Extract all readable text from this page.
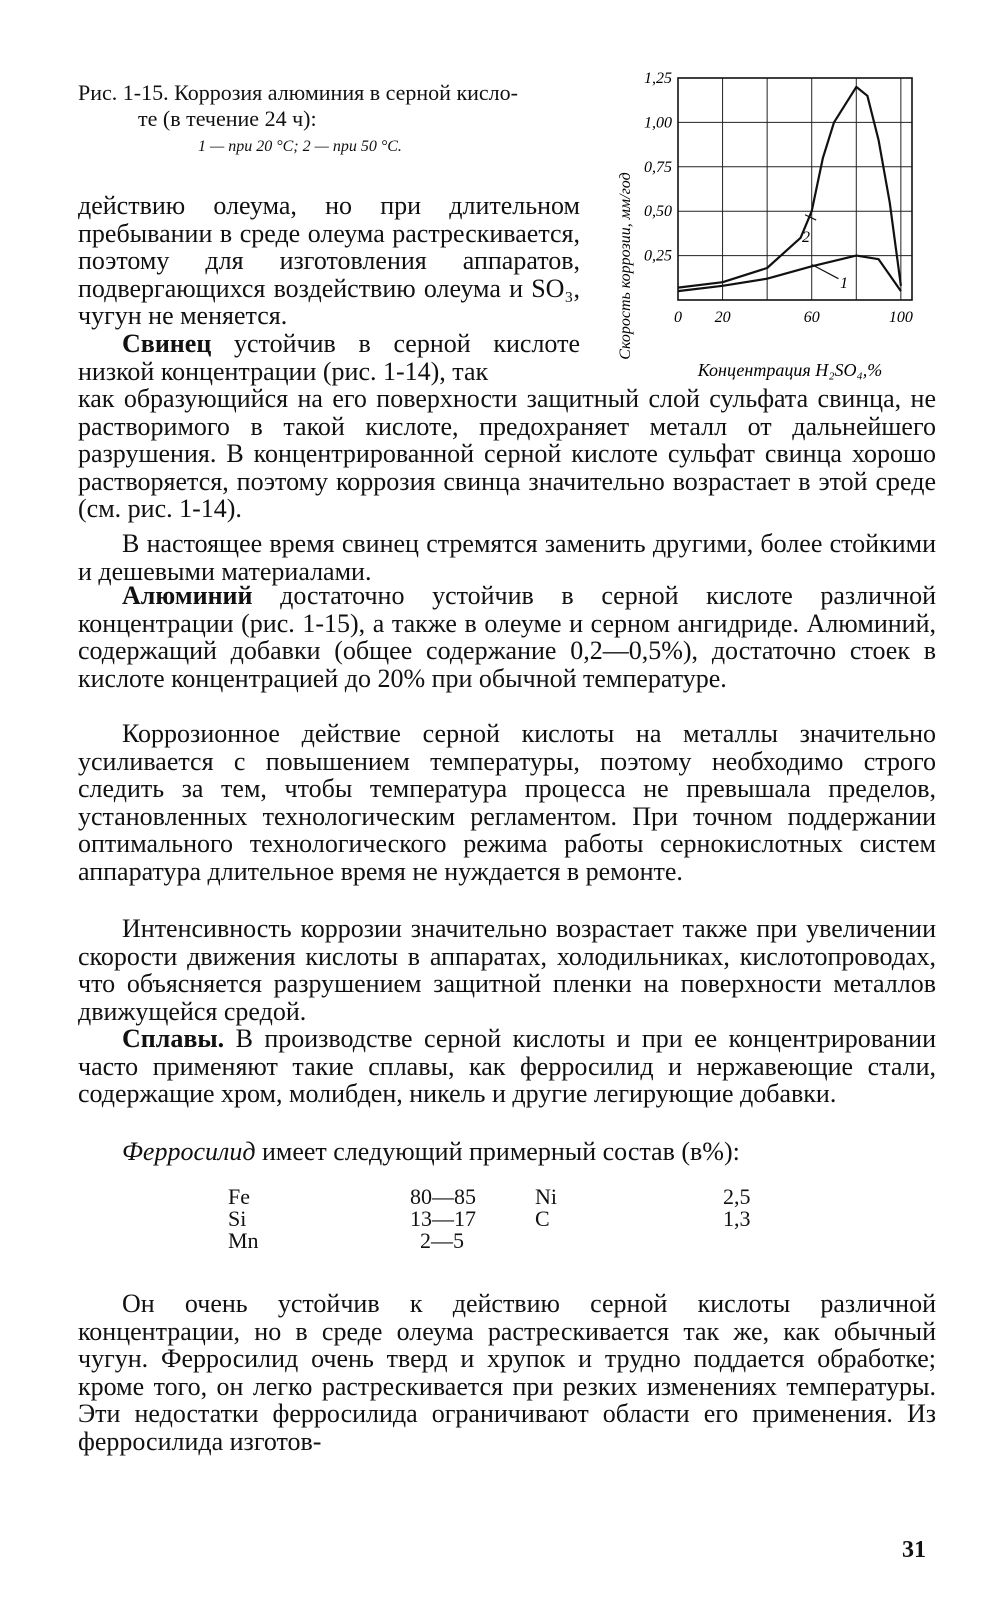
Рис. 1-15. Коррозия алюминия в серной кисло-
те (в течение 24 ч):
1 — при 20 °C; 2 — при 50 °C.
0 20	60	100
0,25
0,50
0,75
1,00
1,25
Скорость коррозии, мм/год
Концентрация H₂SO₄,%
1
2

действию олеума, но при длительном пребывании в среде олеума растрескивается, поэтому для изготовления аппаратов, подвергающихся воздействию олеума и SO₃, чугун не меняется.

Свинец устойчив в серной кислоте низкой концентрации (рис. 1-14), так

как образующийся на его поверхности защитный слой сульфата свинца, не растворимого в такой кислоте, предохраняет металл от дальнейшего разрушения. В концентрированной серной кислоте сульфат свинца хорошо растворяется, поэтому коррозия свинца значительно возрастает в этой среде (см. рис. 1-14).

В настоящее время свинец стремятся заменить другими, более стойкими и дешевыми материалами.

Алюминий достаточно устойчив в серной кислоте различной концентрации (рис. 1-15), а также в олеуме и серном ангидриде. Алюминий, содержащий добавки (общее содержание 0,2—0,5%), достаточно стоек в кислоте концентрацией до 20% при обычной температуре.

Коррозионное действие серной кислоты на металлы значительно усиливается с повышением температуры, поэтому необходимо строго следить за тем, чтобы температура процесса не превышала пределов, установленных технологическим регламентом. При точном поддержании оптимального технологического режима работы сернокислотных систем аппаратура длительное время не нуждается в ремонте.

Интенсивность коррозии значительно возрастает также при увеличении скорости движения кислоты в аппаратах, холодильниках, кислотопроводах, что объясняется разрушением защитной пленки на поверхности металлов движущейся средой.

Сплавы. В производстве серной кислоты и при ее концентрировании часто применяют такие сплавы, как ферросилид и нержавеющие стали, содержащие хром, молибден, никель и другие легирующие добавки.

Ферросилид имеет следующий примерный состав (в%):

Fe	80—85	Ni	2,5
Si	13—17	C	1,3
Mn	2—5		

Он очень устойчив к действию серной кислоты различной концентрации, но в среде олеума растрескивается так же, как обычный чугун. Ферросилид очень тверд и хрупок и трудно поддается обработке; кроме того, он легко растрескивается при резких изменениях температуры. Эти недостатки ферросилида ограничивают области его применения. Из ферросилида изготов-

31
